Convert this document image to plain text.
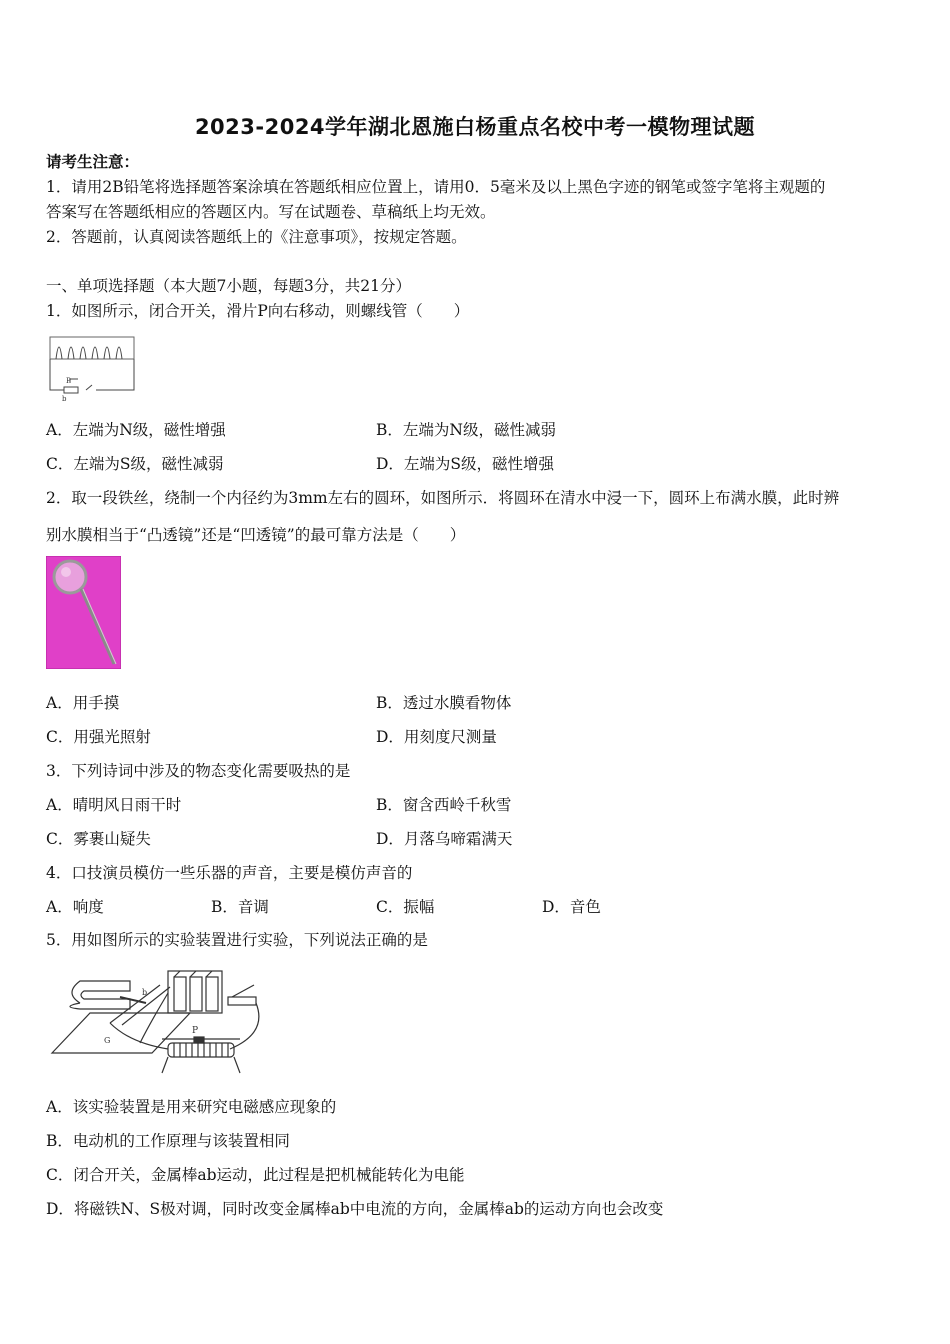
2023-2024学年湖北恩施白杨重点名校中考一模物理试题
请考生注意：
1．请用2B铅笔将选择题答案涂填在答题纸相应位置上，请用0．5毫米及以上黑色字迹的钢笔或签字笔将主观题的
答案写在答题纸相应的答题区内。写在试题卷、草稿纸上均无效。
2．答题前，认真阅读答题纸上的《注意事项》，按规定答题。
一、单项选择题（本大题7小题，每题3分，共21分）
1．如图所示，闭合开关，滑片P向右移动，则螺线管（　　）
P
b
A．左端为N级，磁性增强	B．左端为N级，磁性减弱
C．左端为S级，磁性减弱	D．左端为S级，磁性增强
2．取一段铁丝，绕制一个内径约为3mm左右的圆环，如图所示．将圆环在清水中浸一下，圆环上布满水膜，此时辨
别水膜相当于“凸透镜”还是“凹透镜”的最可靠方法是（　　）
A．用手摸	B．透过水膜看物体
C．用强光照射	D．用刻度尺测量
3．下列诗词中涉及的物态变化需要吸热的是
A．晴明风日雨干时	B．窗含西岭千秋雪
C．雾裹山疑失	D．月落乌啼霜满天
4．口技演员模仿一些乐器的声音，主要是模仿声音的
A．响度	B．音调	C．振幅	D．音色
5．用如图所示的实验装置进行实验，下列说法正确的是
b
P
G
A．该实验装置是用来研究电磁感应现象的
B．电动机的工作原理与该装置相同
C．闭合开关，金属棒ab运动，此过程是把机械能转化为电能
D．将磁铁N、S极对调，同时改变金属棒ab中电流的方向，金属棒ab的运动方向也会改变
